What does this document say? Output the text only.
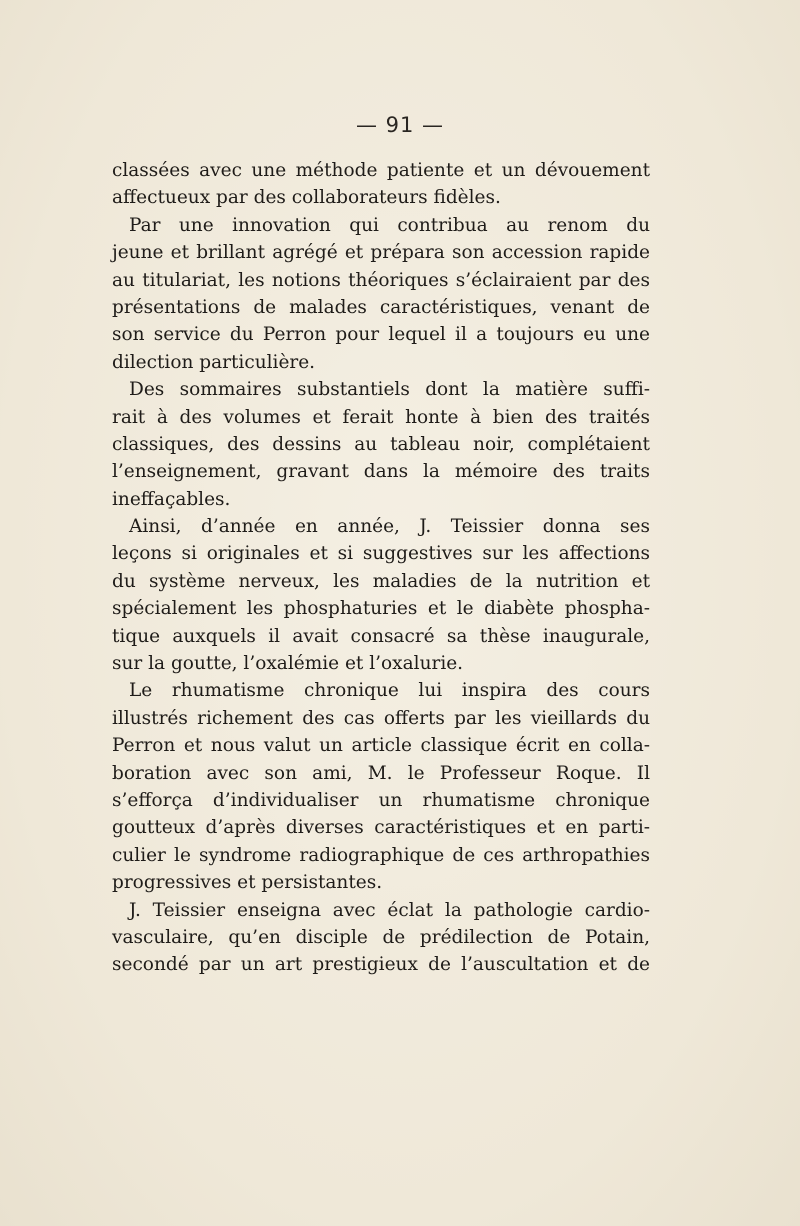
— 91 —
classées avec une méthode patiente et un dévouement
affectueux par des collaborateurs fidèles.
Par une innovation qui contribua au renom du
jeune et brillant agrégé et prépara son accession rapide
au titulariat, les notions théoriques s’éclairaient par des
présentations de malades caractéristiques, venant de
son service du Perron pour lequel il a toujours eu une
dilection particulière.
Des sommaires substantiels dont la matière suffi-
rait à des volumes et ferait honte à bien des traités
classiques, des dessins au tableau noir, complétaient
l’enseignement, gravant dans la mémoire des traits
ineffaçables.
Ainsi, d’année en année, J. Teissier donna ses
leçons si originales et si suggestives sur les affections
du système nerveux, les maladies de la nutrition et
spécialement les phosphaturies et le diabète phospha-
tique auxquels il avait consacré sa thèse inaugurale,
sur la goutte, l’oxalémie et l’oxalurie.
Le rhumatisme chronique lui inspira des cours
illustrés richement des cas offerts par les vieillards du
Perron et nous valut un article classique écrit en colla-
boration avec son ami, M. le Professeur Roque. Il
s’efforça d’individualiser un rhumatisme chronique
goutteux d’après diverses caractéristiques et en parti-
culier le syndrome radiographique de ces arthropathies
progressives et persistantes.
J. Teissier enseigna avec éclat la pathologie cardio-
vasculaire, qu’en disciple de prédilection de Potain,
secondé par un art prestigieux de l’auscultation et de
